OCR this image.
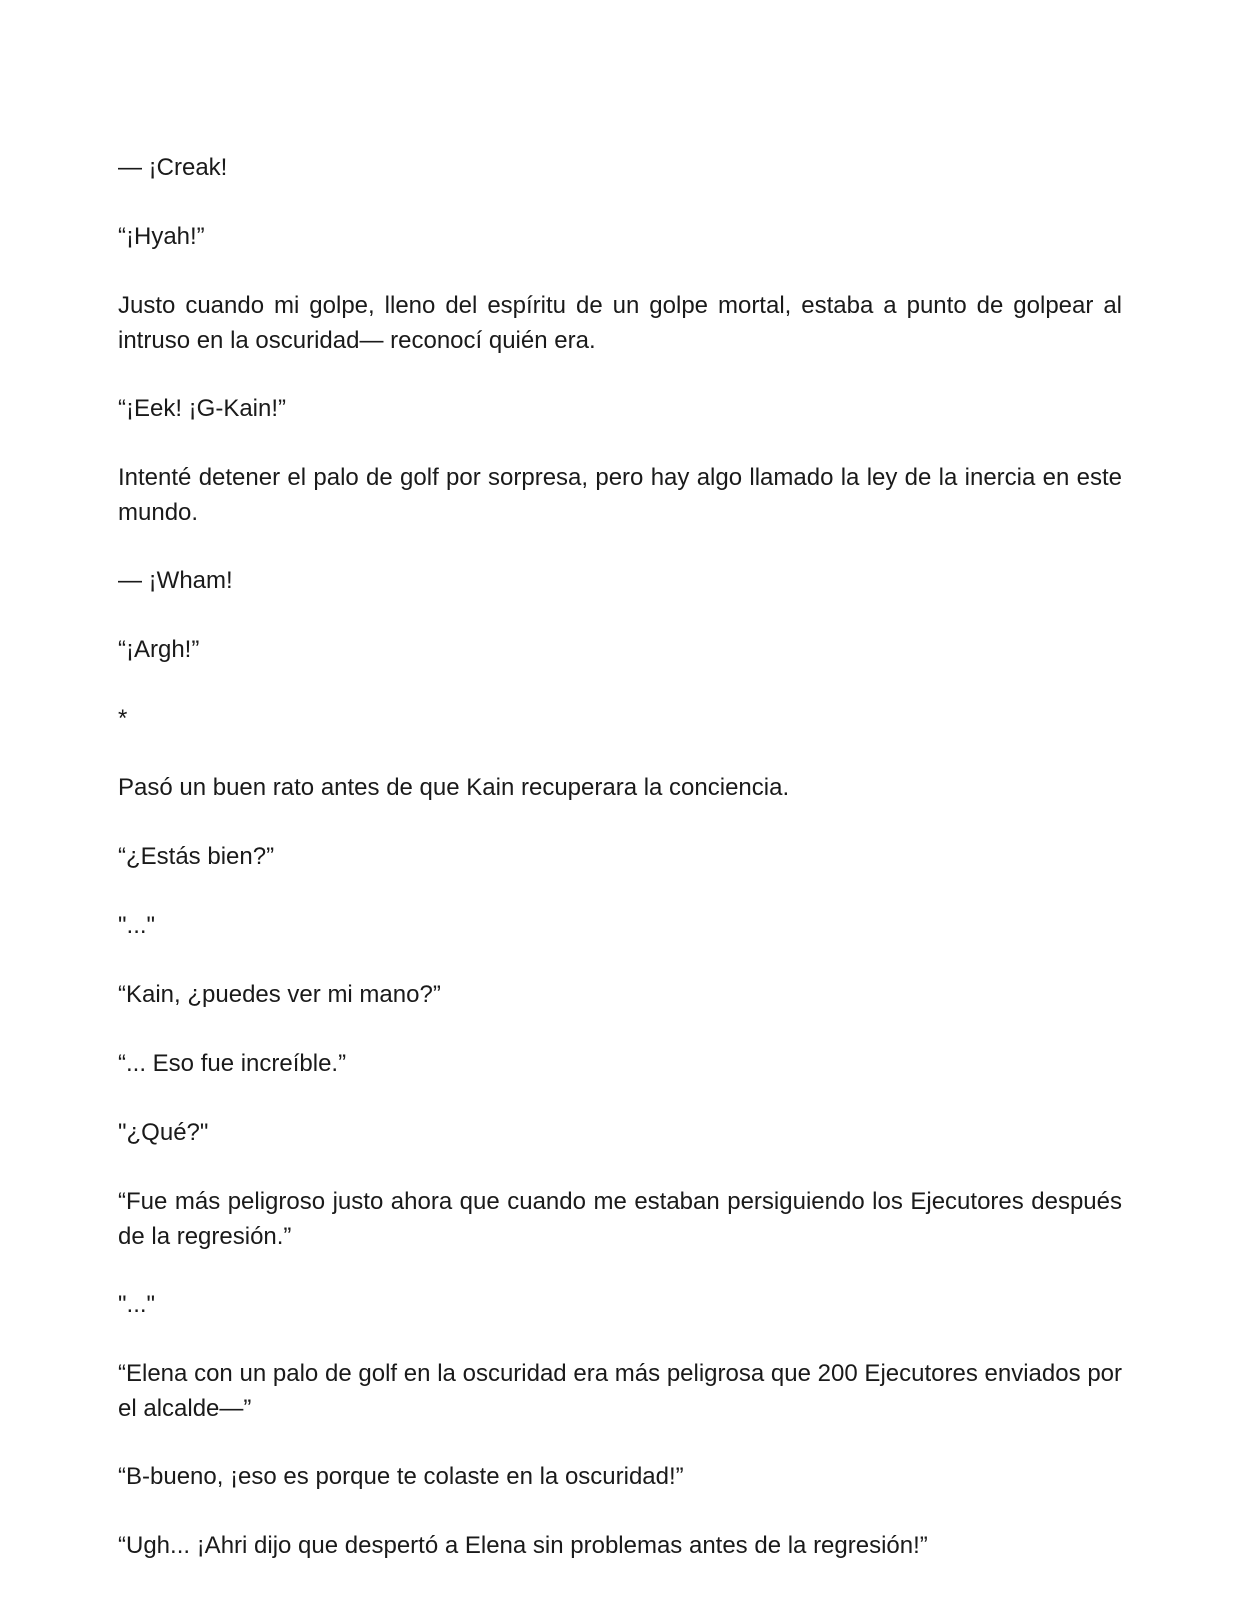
— ¡Creak!

“¡Hyah!”

Justo cuando mi golpe, lleno del espíritu de un golpe mortal, estaba a punto de golpear al intruso en la oscuridad— reconocí quién era.

“¡Eek! ¡G-Kain!”

Intenté detener el palo de golf por sorpresa, pero hay algo llamado la ley de la inercia en este mundo.

— ¡Wham!

“¡Argh!”

*

Pasó un buen rato antes de que Kain recuperara la conciencia.

“¿Estás bien?”

"..."

“Kain, ¿puedes ver mi mano?”

“... Eso fue increíble.”

"¿Qué?"

“Fue más peligroso justo ahora que cuando me estaban persiguiendo los Ejecutores después de la regresión.”

"..."

“Elena con un palo de golf en la oscuridad era más peligrosa que 200 Ejecutores enviados por el alcalde—”

“B-bueno, ¡eso es porque te colaste en la oscuridad!”

“Ugh... ¡Ahri dijo que despertó a Elena sin problemas antes de la regresión!”
